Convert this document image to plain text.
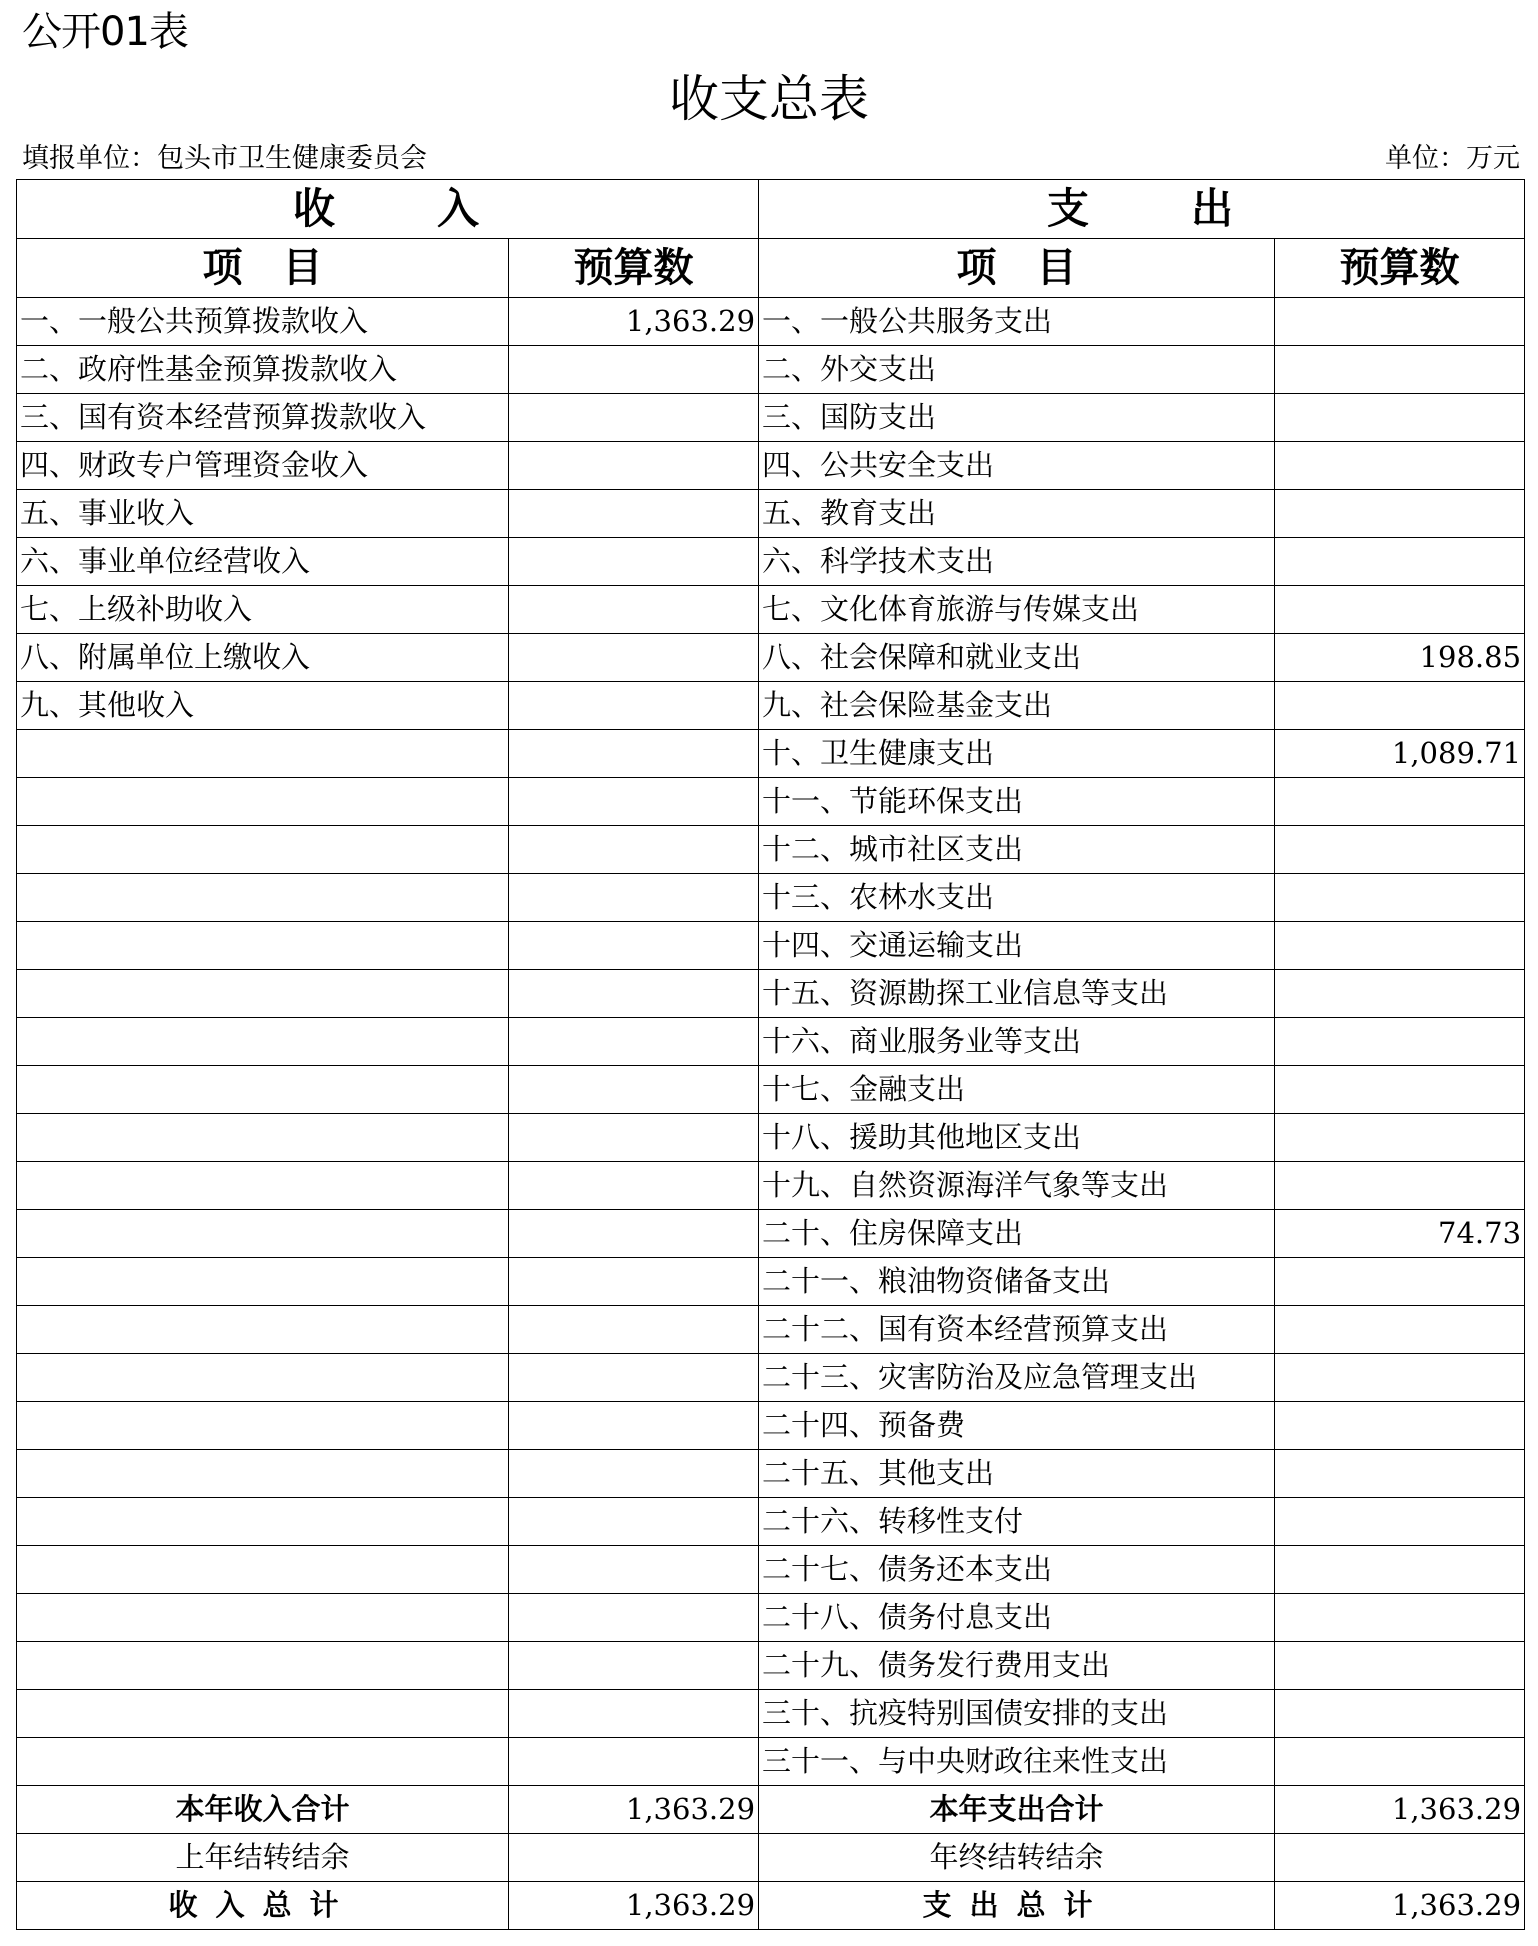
公开01表
收支总表
填报单位：包头市卫生健康委员会	单位：万元
收　入		支　出	
项　目	预算数	项　目	预算数
一、一般公共预算拨款收入	1,363.29	一、一般公共服务支出	
二、政府性基金预算拨款收入		二、外交支出	
三、国有资本经营预算拨款收入		三、国防支出	
四、财政专户管理资金收入		四、公共安全支出	
五、事业收入		五、教育支出	
六、事业单位经营收入		六、科学技术支出	
七、上级补助收入		七、文化体育旅游与传媒支出	
八、附属单位上缴收入		八、社会保障和就业支出	198.85
九、其他收入		九、社会保险基金支出	
		十、卫生健康支出	1,089.71
		十一、节能环保支出	
		十二、城市社区支出	
		十三、农林水支出	
		十四、交通运输支出	
		十五、资源勘探工业信息等支出	
		十六、商业服务业等支出	
		十七、金融支出	
		十八、援助其他地区支出	
		十九、自然资源海洋气象等支出	
		二十、住房保障支出	74.73
		二十一、粮油物资储备支出	
		二十二、国有资本经营预算支出	
		二十三、灾害防治及应急管理支出	
		二十四、预备费	
		二十五、其他支出	
		二十六、转移性支付	
		二十七、债务还本支出	
		二十八、债务付息支出	
		二十九、债务发行费用支出	
		三十、抗疫特别国债安排的支出	
		三十一、与中央财政往来性支出	
本年收入合计	1,363.29	本年支出合计	1,363.29
上年结转结余		年终结转结余	
收入总计	1,363.29	支出总计	1,363.29
